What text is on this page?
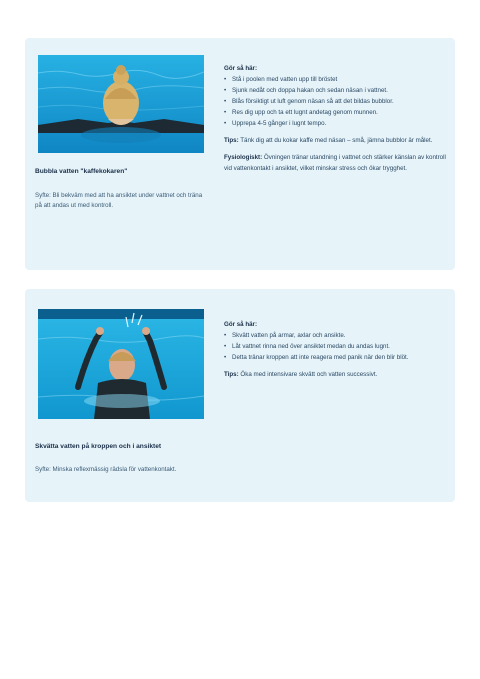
Bubbla vatten "kaffekokaren"
Syfte: Bli bekväm med att ha ansiktet under vattnet och träna på att andas ut med kontroll.
Gör så här:
• Stå i poolen med vatten upp till bröstet
• Sjunk nedåt och doppa hakan och sedan näsan i vattnet.
• Blås försiktigt ut luft genom näsan så att det bildas bubblor.
• Res dig upp och ta ett lugnt andetag genom munnen.
• Upprepa 4-5 gånger i lugnt tempo.
Tips: Tänk dig att du kokar kaffe med näsan – små, jämna bubblor är målet.
Fysiologiskt: Övningen tränar utandning i vattnet och stärker känslan av kontroll vid vattenkontakt i ansiktet, vilket minskar stress och ökar trygghet.
Skvätta vatten på kroppen och i ansiktet
Syfte: Minska reflexmässig rädsla för vattenkontakt.
Gör så här:
• Skvätt vatten på armar, axlar och ansikte.
• Låt vattnet rinna ned över ansiktet medan du andas lugnt.
• Detta tränar kroppen att inte reagera med panik när den blir blöt.
Tips: Öka med intensivare skvätt och vatten successivt.
